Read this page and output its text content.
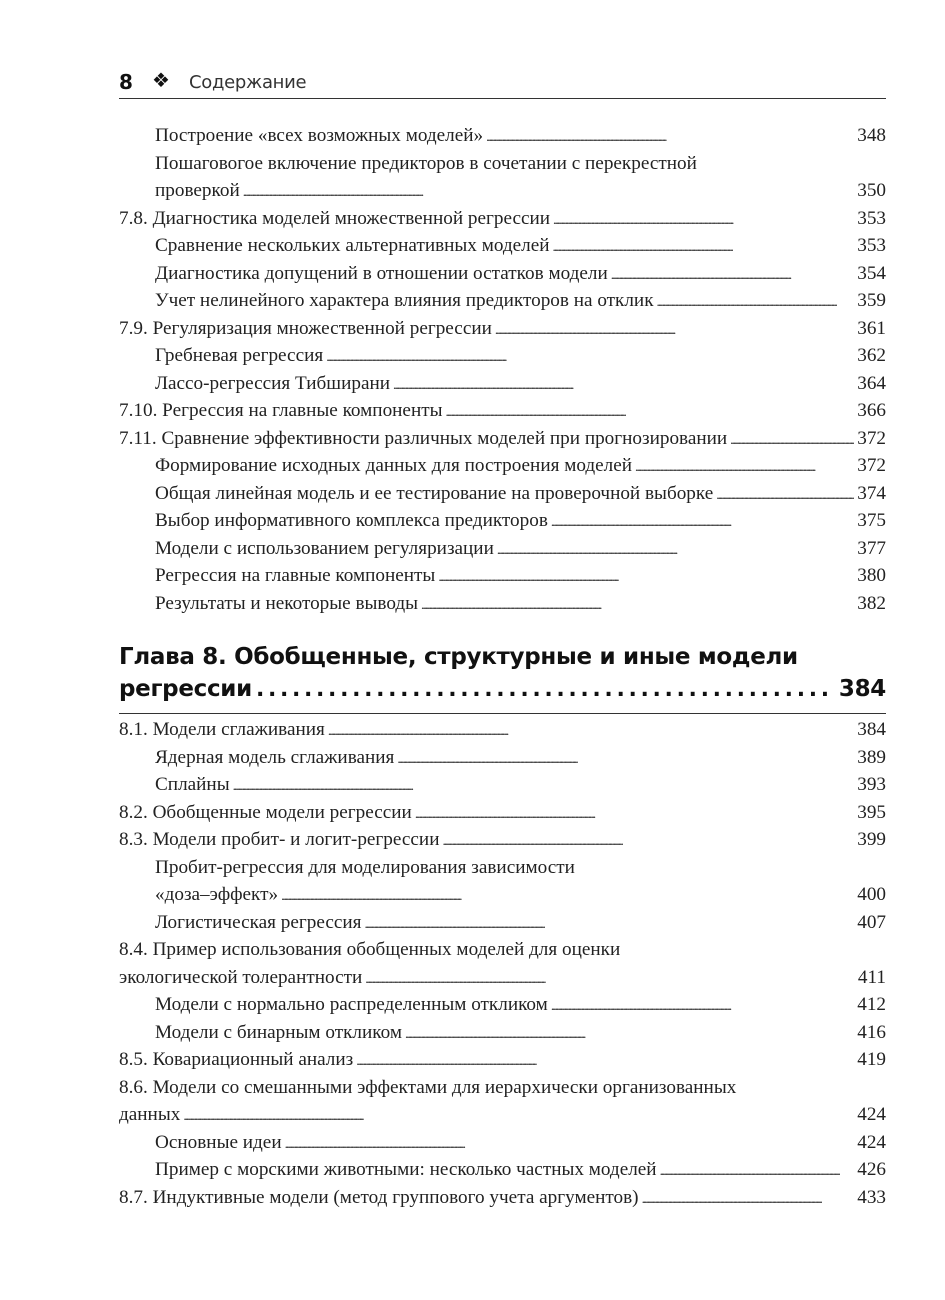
8 ❖ Содержание
Построение «всех возможных моделей» . . .	348
Пошаговогое включение предикторов в сочетании с перекрестной
проверкой . . .	350
7.8. Диагностика моделей множественной регрессии . . .	353
Сравнение нескольких альтернативных моделей . . .	353
Диагностика допущений в отношении остатков модели . . .	354
Учет нелинейного характера влияния предикторов на отклик . . .	359
7.9. Регуляризация множественной регрессии . . .	361
Гребневая регрессия . . .	362
Лассо-регрессия Тибширани . . .	364
7.10. Регрессия на главные компоненты . . .	366
7.11. Сравнение эффективности различных моделей при прогнозировании . . .	372
Формирование исходных данных для построения моделей . . .	372
Общая линейная модель и ее тестирование на проверочной выборке . . .	374
Выбор информативного комплекса предикторов . . .	375
Модели с использованием регуляризации . . .	377
Регрессия на главные компоненты . . .	380
Результаты и некоторые выводы . . .	382
Глава 8. Обобщенные, структурные и иные модели
регрессии . . .	384
8.1. Модели сглаживания . . .	384
Ядерная модель сглаживания . . .	389
Сплайны . . .	393
8.2. Обобщенные модели регрессии . . .	395
8.3. Модели пробит- и логит-регрессии . . .	399
Пробит-регрессия для моделирования зависимости
«доза–эффект» . . .	400
Логистическая регрессия . . .	407
8.4. Пример использования обобщенных моделей для оценки
экологической толерантности . . .	411
Модели с нормально распределенным откликом . . .	412
Модели с бинарным откликом . . .	416
8.5. Ковариационный анализ . . .	419
8.6. Модели со смешанными эффектами для иерархически организованных
данных . . .	424
Основные идеи . . .	424
Пример с морскими животными: несколько частных моделей . . .	426
8.7. Индуктивные модели (метод группового учета аргументов) . . .	433
